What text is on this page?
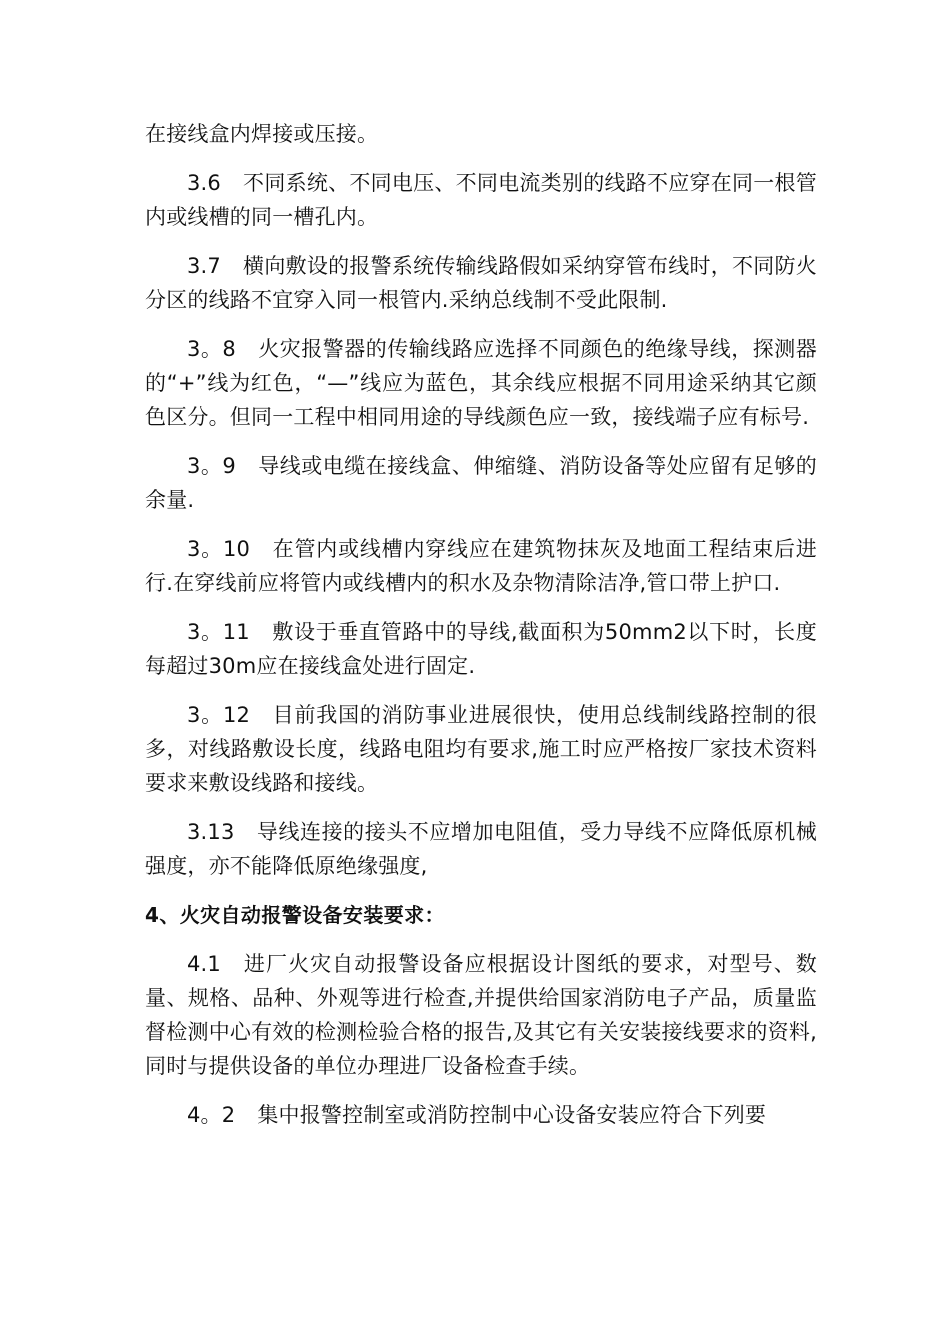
在接线盒内焊接或压接。

3.6 不同系统、不同电压、不同电流类别的线路不应穿在同一根管内或线槽的同一槽孔内。

3.7 横向敷设的报警系统传输线路假如采纳穿管布线时，不同防火分区的线路不宜穿入同一根管内.采纳总线制不受此限制.

3。8 火灾报警器的传输线路应选择不同颜色的绝缘导线，探测器的“+”线为红色，“—”线应为蓝色，其余线应根据不同用途采纳其它颜色区分。但同一工程中相同用途的导线颜色应一致，接线端子应有标号.

3。9 导线或电缆在接线盒、伸缩缝、消防设备等处应留有足够的余量.

3。10 在管内或线槽内穿线应在建筑物抹灰及地面工程结束后进行.在穿线前应将管内或线槽内的积水及杂物清除洁净,管口带上护口.

3。11 敷设于垂直管路中的导线,截面积为50mm2以下时，长度每超过30m应在接线盒处进行固定.

3。12 目前我国的消防事业进展很快，使用总线制线路控制的很多，对线路敷设长度，线路电阻均有要求,施工时应严格按厂家技术资料要求来敷设线路和接线。

3.13 导线连接的接头不应增加电阻值，受力导线不应降低原机械强度，亦不能降低原绝缘强度,

4、火灾自动报警设备安装要求：

4.1 进厂火灾自动报警设备应根据设计图纸的要求，对型号、数量、规格、品种、外观等进行检查,并提供给国家消防电子产品，质量监督检测中心有效的检测检验合格的报告,及其它有关安装接线要求的资料,同时与提供设备的单位办理进厂设备检查手续。

4。2 集中报警控制室或消防控制中心设备安装应符合下列要
